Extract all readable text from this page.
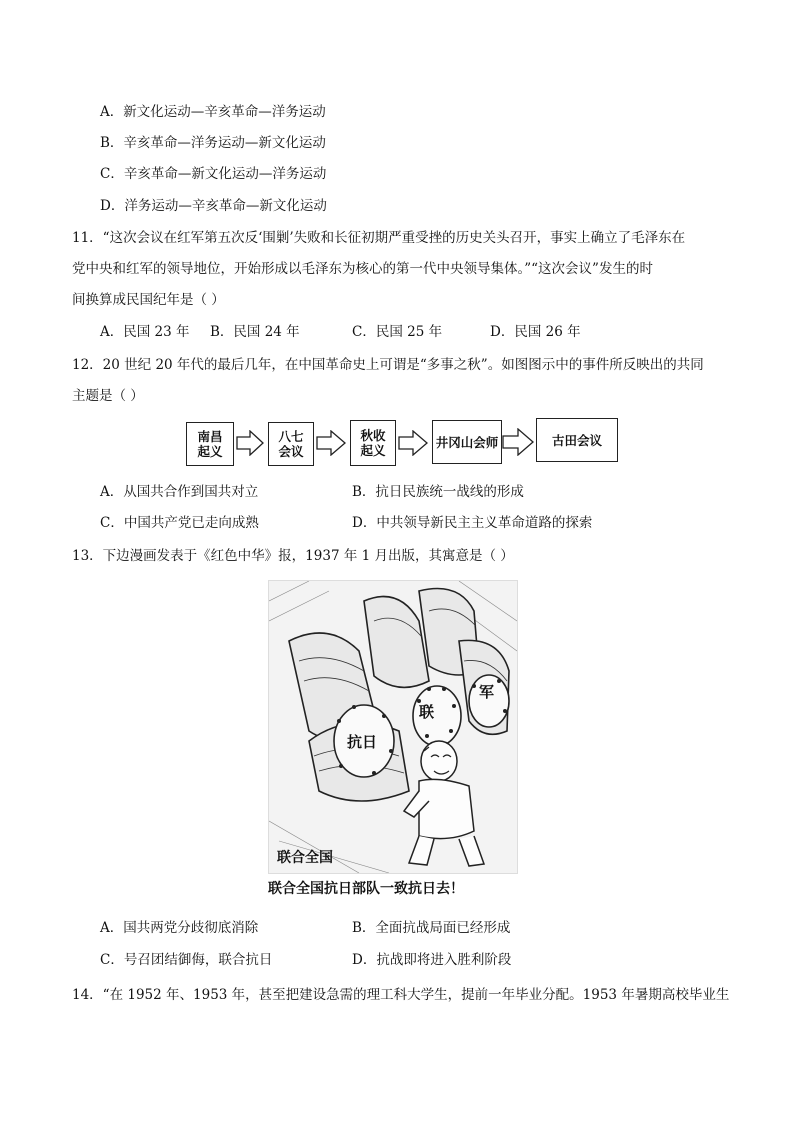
A．新文化运动—辛亥革命—洋务运动
B．辛亥革命—洋务运动—新文化运动
C．辛亥革命—新文化运动—洋务运动
D．洋务运动—辛亥革命—新文化运动
11．“这次会议在红军第五次反‘围剿’失败和长征初期严重受挫的历史关头召开，事实上确立了毛泽东在
党中央和红军的领导地位，开始形成以毛泽东为核心的第一代中央领导集体。”“这次会议”发生的时
间换算成民国纪年是（ ）
A．民国 23 年 B．民国 24 年	C．民国 25 年	D．民国 26 年
12．20 世纪 20 年代的最后几年，在中国革命史上可谓是“多事之秋”。如图图示中的事件所反映出的共同
主题是（ ）
南昌
起义
八七
会议
秋收
起义
井冈山会师	古田会议
A．从国共合作到国共对立	B．抗日民族统一战线的形成
C．中国共产党已走向成熟	D．中共领导新民主主义革命道路的探索
13．下边漫画发表于《红色中华》报，1937 年 1 月出版，其寓意是（ ）
抗日
联
军
联合全国
联合全国抗日部队一致抗日去！
A．国共两党分歧彻底消除	B．全面抗战局面已经形成
C．号召团结御侮，联合抗日	D．抗战即将进入胜利阶段
14．“在 1952 年、1953 年，甚至把建设急需的理工科大学生，提前一年毕业分配。1953 年暑期高校毕业生
